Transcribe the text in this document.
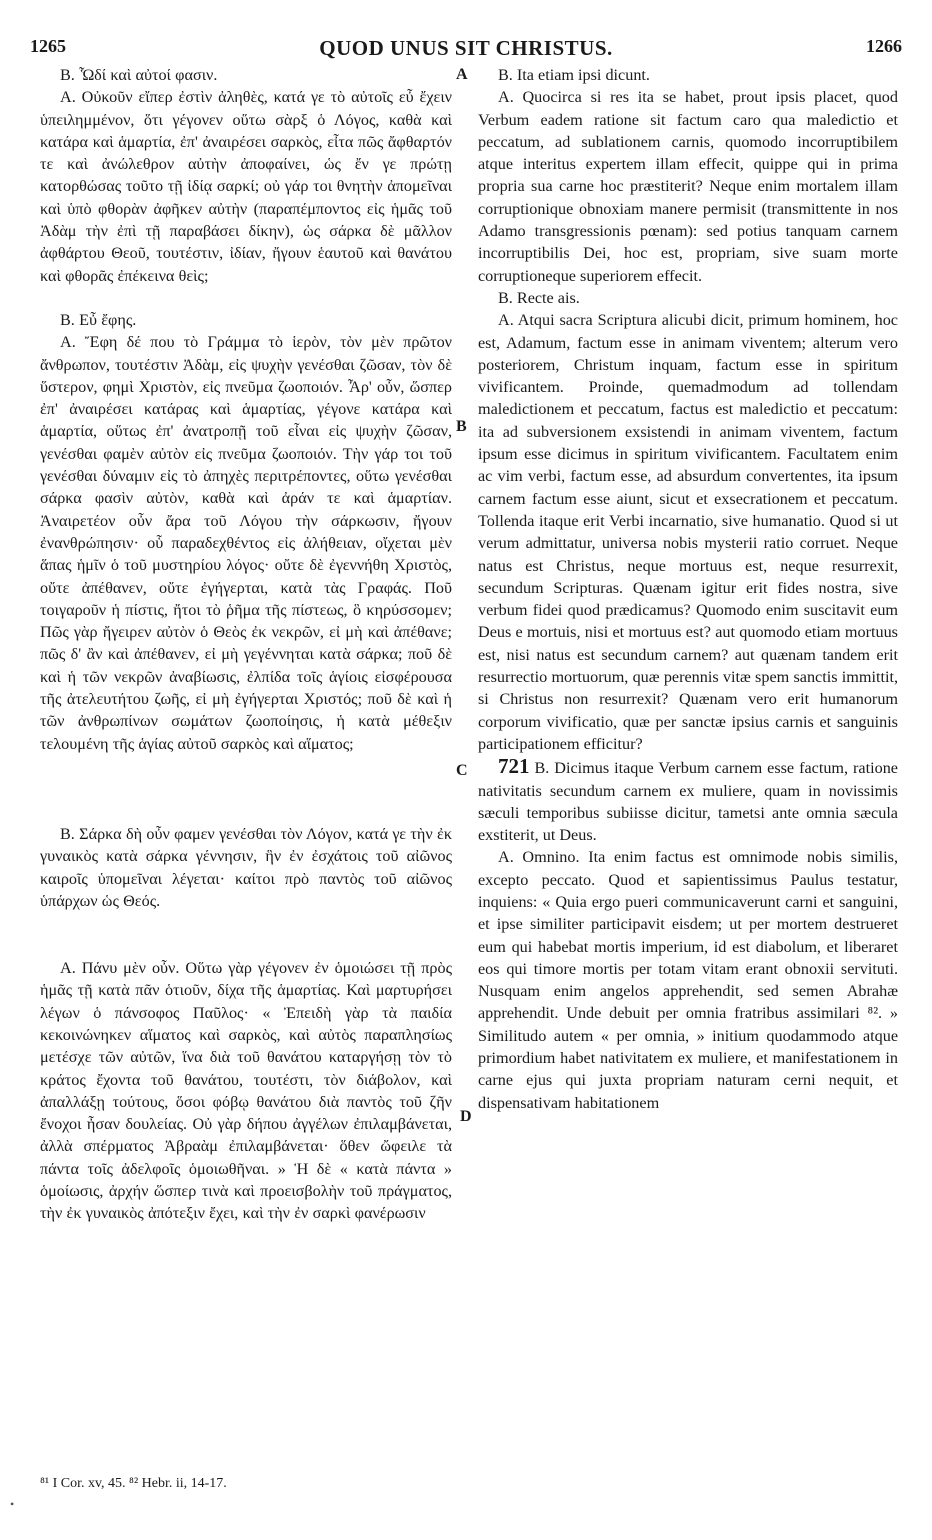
1265	QUOD UNUS SIT CHRISTUS.	1266
A
B
C
D

B. Ὧδί καὶ αὐτοί φασιν.

A. Οὐκοῦν εἴπερ ἐστὶν ἀληθὲς, κατά γε τὸ αὐτοῖς εὖ ἔχειν ὑπειλημμένον, ὅτι γέγονεν οὕτω σὰρξ ὁ Λόγος, καθὰ καὶ κατάρα καὶ ἁμαρτία, ἐπ' ἀναιρέσει σαρκὸς, εἶτα πῶς ἄφθαρτόν τε καὶ ἀνώλεθρον αὐτὴν ἀποφαίνει, ὡς ἔν γε πρώτῃ κατορθώσας τοῦτο τῇ ἰδίᾳ σαρκί; οὐ γάρ τοι θνητὴν ἀπομεῖναι καὶ ὑπὸ φθορὰν ἀφῆκεν αὐτὴν (παραπέμποντος εἰς ἡμᾶς τοῦ Ἀδὰμ τὴν ἐπὶ τῇ παραβάσει δίκην), ὡς σάρκα δὲ μᾶλλον ἀφθάρτου Θεοῦ, τουτέστιν, ἰδίαν, ἤγουν ἑαυτοῦ καὶ θανάτου καὶ φθορᾶς ἐπέκεινα θεὶς;

B. Εὖ ἔφης.

A. Ἔφη δέ που τὸ Γράμμα τὸ ἱερὸν, τὸν μὲν πρῶτον ἄνθρωπον, τουτέστιν Ἀδὰμ, εἰς ψυχὴν γενέσθαι ζῶσαν, τὸν δὲ ὕστερον, φημὶ Χριστὸν, εἰς πνεῦμα ζωοποιόν. Ἆρ' οὖν, ὥσπερ ἐπ' ἀναιρέσει κατάρας καὶ ἁμαρτίας, γέγονε κατάρα καὶ ἁμαρτία, οὕτως ἐπ' ἀνατροπῇ τοῦ εἶναι εἰς ψυχὴν ζῶσαν, γενέσθαι φαμὲν αὐτὸν εἰς πνεῦμα ζωοποιόν. Τὴν γάρ τοι τοῦ γενέσθαι δύναμιν εἰς τὸ ἀπηχὲς περιτρέποντες, οὕτω γενέσθαι σάρκα φασὶν αὐτὸν, καθὰ καὶ ἀράν τε καὶ ἁμαρτίαν. Ἀναιρετέον οὖν ἄρα τοῦ Λόγου τὴν σάρκωσιν, ἤγουν ἐνανθρώπησιν· οὗ παραδεχθέντος εἰς ἀλήθειαν, οἴχεται μὲν ἅπας ἡμῖν ὁ τοῦ μυστηρίου λόγος· οὔτε δὲ ἐγεννήθη Χριστὸς, οὔτε ἀπέθανεν, οὔτε ἐγήγερται, κατὰ τὰς Γραφάς. Ποῦ τοιγαροῦν ἡ πίστις, ἤτοι τὸ ῥῆμα τῆς πίστεως, ὃ κηρύσσομεν; Πῶς γὰρ ἤγειρεν αὐτὸν ὁ Θεὸς ἐκ νεκρῶν, εἰ μὴ καὶ ἀπέθανε; πῶς δ' ἂν καὶ ἀπέθανεν, εἰ μὴ γεγέννηται κατὰ σάρκα; ποῦ δὲ καὶ ἡ τῶν νεκρῶν ἀναβίωσις, ἐλπίδα τοῖς ἁγίοις εἰσφέρουσα τῆς ἀτελευτήτου ζωῆς, εἰ μὴ ἐγήγερται Χριστός; ποῦ δὲ καὶ ἡ τῶν ἀνθρωπίνων σωμάτων ζωοποίησις, ἡ κατὰ μέθεξιν τελουμένη τῆς ἁγίας αὐτοῦ σαρκὸς καὶ αἵματος;

B. Σάρκα δὴ οὖν φαμεν γενέσθαι τὸν Λόγον, κατά γε τὴν ἐκ γυναικὸς κατὰ σάρκα γέννησιν, ἣν ἐν ἐσχάτοις τοῦ αἰῶνος καιροῖς ὑπομεῖναι λέγεται· καίτοι πρὸ παντὸς τοῦ αἰῶνος ὑπάρχων ὡς Θεός.

A. Πάνυ μὲν οὖν. Οὕτω γὰρ γέγονεν ἐν ὁμοιώσει τῇ πρὸς ἡμᾶς τῇ κατὰ πᾶν ὁτιοῦν, δίχα τῆς ἁμαρτίας. Καὶ μαρτυρήσει λέγων ὁ πάνσοφος Παῦλος· « Ἐπειδὴ γὰρ τὰ παιδία κεκοινώνηκεν αἵματος καὶ σαρκὸς, καὶ αὐτὸς παραπλησίως μετέσχε τῶν αὐτῶν, ἵνα διὰ τοῦ θανάτου καταργήσῃ τὸν τὸ κράτος ἔχοντα τοῦ θανάτου, τουτέστι, τὸν διάβολον, καὶ ἀπαλλάξῃ τούτους, ὅσοι φόβῳ θανάτου διὰ παντὸς τοῦ ζῆν ἔνοχοι ἦσαν δουλείας. Οὐ γὰρ δήπου ἀγγέλων ἐπιλαμβάνεται, ἀλλὰ σπέρματος Ἀβραὰμ ἐπιλαμβάνεται· ὅθεν ὤφειλε τὰ πάντα τοῖς ἀδελφοῖς ὁμοιωθῆναι. » Ἡ δὲ « κατὰ πάντα » ὁμοίωσις, ἀρχήν ὥσπερ τινὰ καὶ προεισβολὴν τοῦ πράγματος, τὴν ἐκ γυναικὸς ἀπότεξιν ἔχει, καὶ τὴν ἐν σαρκὶ φανέρωσιν

B. Ita etiam ipsi dicunt.

A. Quocirca si res ita se habet, prout ipsis placet, quod Verbum eadem ratione sit factum caro qua maledictio et peccatum, ad sublationem carnis, quomodo incorruptibilem atque interitus expertem illam effecit, quippe qui in prima propria sua carne hoc præstiterit? Neque enim mortalem illam corruptionique obnoxiam manere permisit (transmittente in nos Adamo transgressionis pœnam): sed potius tanquam carnem incorruptibilis Dei, hoc est, propriam, sive suam morte corruptioneque superiorem effecit.

B. Recte ais.

A. Atqui sacra Scriptura alicubi dicit, primum hominem, hoc est, Adamum, factum esse in animam viventem; alterum vero posteriorem, Christum inquam, factum esse in spiritum vivificantem. Proinde, quemadmodum ad tollendam maledictionem et peccatum, factus est maledictio et peccatum: ita ad subversionem exsistendi in animam viventem, factum ipsum esse dicimus in spiritum vivificantem. Facultatem enim ac vim verbi, factum esse, ad absurdum convertentes, ita ipsum carnem factum esse aiunt, sicut et exsecrationem et peccatum. Tollenda itaque erit Verbi incarnatio, sive humanatio. Quod si ut verum admittatur, universa nobis mysterii ratio corruet. Neque natus est Christus, neque mortuus est, neque resurrexit, secundum Scripturas. Quænam igitur erit fides nostra, sive verbum fidei quod prædicamus? Quomodo enim suscitavit eum Deus e mortuis, nisi et mortuus est? aut quomodo etiam mortuus est, nisi natus est secundum carnem? aut quænam tandem erit resurrectio mortuorum, quæ perennis vitæ spem sanctis immittit, si Christus non resurrexit? Quænam vero erit humanorum corporum vivificatio, quæ per sanctæ ipsius carnis et sanguinis participationem efficitur?

721 B. Dicimus itaque Verbum carnem esse factum, ratione nativitatis secundum carnem ex muliere, quam in novissimis sæculi temporibus subiisse dicitur, tametsi ante omnia sæcula exstiterit, ut Deus.

A. Omnino. Ita enim factus est omnimode nobis similis, excepto peccato. Quod et sapientissimus Paulus testatur, inquiens: « Quia ergo pueri communicaverunt carni et sanguini, et ipse similiter participavit eisdem; ut per mortem destrueret eum qui habebat mortis imperium, id est diabolum, et liberaret eos qui timore mortis per totam vitam erant obnoxii servituti. Nusquam enim angelos apprehendit, sed semen Abrahæ apprehendit. Unde debuit per omnia fratribus assimilari ⁸². » Similitudo autem « per omnia, » initium quodammodo atque primordium habet nativitatem ex muliere, et manifestationem in carne ejus qui juxta propriam naturam cerni nequit, et dispensativam habitationem

⁸¹ I Cor. xv, 45. ⁸² Hebr. ii, 14-17.
•
